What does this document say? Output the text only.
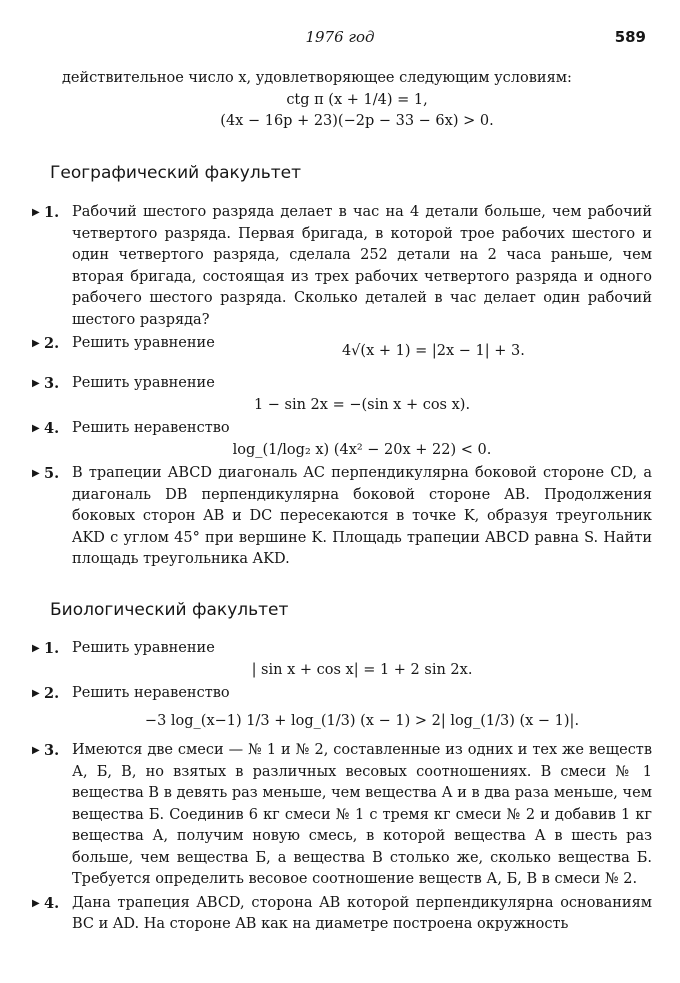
1976 год	589

действительное число x, удовлетворяющее следующим условиям:

ctg π (x + 1/4) = 1,
(4x − 16p + 23)(−2p − 33 − 6x) > 0.
Географический факультет
▶ 1. Рабочий шестого разряда делает в час на 4 детали больше, чем рабочий четвертого разряда. Первая бригада, в которой трое рабочих шестого и один четвертого разряда, сделала 252 детали на 2 часа раньше, чем вторая бригада, состоящая из трех рабочих четвертого разряда и одного рабочего шестого разряда. Сколько деталей в час делает один рабочий шестого разряда?

▶ 2. Решить уравнение	4√(x + 1) = |2x − 1| + 3.
▶ 3. Решить уравнение

1 − sin 2x = −(sin x + cos x).
▶ 4. Решить неравенство

log_(1/log₂ x) (4x² − 20x + 22) < 0.
▶ 5. В трапеции ABCD диагональ AC перпендикулярна боковой стороне CD, а диагональ DB перпендикулярна боковой стороне AB. Продолжения боковых сторон AB и DC пересекаются в точке K, образуя треугольник AKD с углом 45° при вершине K. Площадь трапеции ABCD равна S. Найти площадь треугольника AKD.

Биологический факультет
▶ 1. Решить уравнение

| sin x + cos x| = 1 + 2 sin 2x.
▶ 2. Решить неравенство

−3 log_(x−1) 1/3 + log_(1/3) (x − 1) > 2| log_(1/3) (x − 1)|.
▶ 3. Имеются две смеси — № 1 и № 2, составленные из одних и тех же веществ А, Б, В, но взятых в различных весовых соотношениях. В смеси № 1 вещества В в девять раз меньше, чем вещества А и в два раза меньше, чем вещества Б. Соединив 6 кг смеси № 1 с тремя кг смеси № 2 и добавив 1 кг вещества А, получим новую смесь, в которой вещества А в шесть раз больше, чем вещества Б, а вещества В столько же, сколько вещества Б. Требуется определить весовое соотношение веществ А, Б, В в смеси № 2.

▶ 4. Дана трапеция ABCD, сторона AB которой перпендикулярна основаниям BC и AD. На стороне AB как на диаметре построена окружность
